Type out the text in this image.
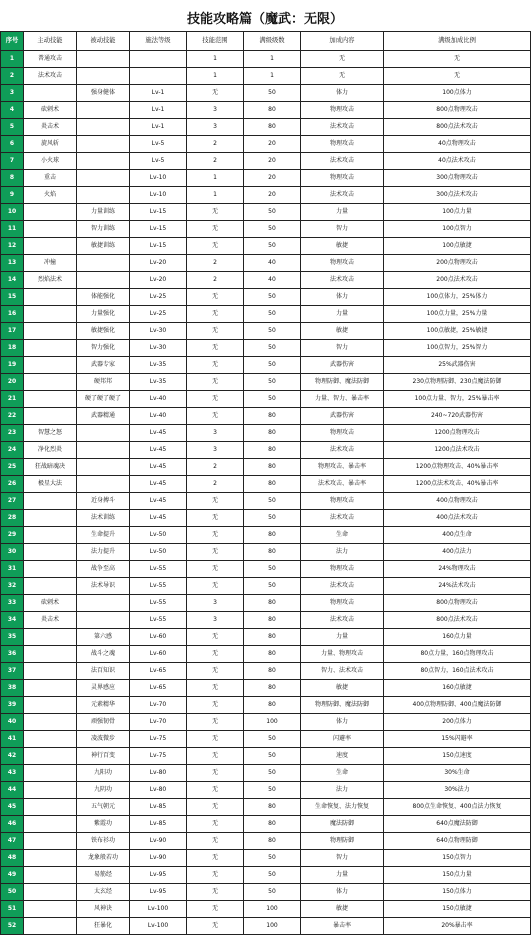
技能攻略篇（魔武：无限）
序号	主动技能	被动技能	施法等级	技能范围	满级级数	加成内容	满级加成比例
1	普通攻击			1	1	无	无
2	法术攻击			1	1	无	无
3		强身健体	Lv-1	无	50	体力	100点体力
4	砍刺术		Lv-1	3	80	物理攻击	800点物理攻击
5	炎击术		Lv-1	3	80	法术攻击	800点法术攻击
6	旋风斩		Lv-5	2	20	物理攻击	40点物理攻击
7	小火球		Lv-5	2	20	法术攻击	40点法术攻击
8	重击		Lv-10	1	20	物理攻击	300点物理攻击
9	火焰		Lv-10	1	20	法术攻击	300点法术攻击
10		力量训练	Lv-15	无	50	力量	100点力量
11		智力训练	Lv-15	无	50	智力	100点智力
12		敏捷训练	Lv-15	无	50	敏捷	100点敏捷
13	冲撞		Lv-20	2	40	物理攻击	200点物理攻击
14	烈焰法术		Lv-20	2	40	法术攻击	200点法术攻击
15		体能强化	Lv-25	无	50	体力	100点体力，25%体力
16		力量强化	Lv-25	无	50	力量	100点力量，25%力量
17		敏捷强化	Lv-30	无	50	敏捷	100点敏捷，25%敏捷
18		智力强化	Lv-30	无	50	智力	100点智力，25%智力
19		武器专家	Lv-35	无	50	武器伤害	25%武器伤害
20		硬邦邦	Lv-35	无	50	物理防御、魔法防御	230点物理防御、230点魔法防御
21		硬了硬了硬了	Lv-40	无	50	力量、智力、暴击率	100点力量、智力，25%暴击率
22		武器精通	Lv-40	无	80	武器伤害	240~720武器伤害
23	智慧之怒		Lv-45	3	80	物理攻击	1200点物理攻击
24	净化烈炎		Lv-45	3	80	法术攻击	1200点法术攻击
25	狂战暗魂决		Lv-45	2	80	物理攻击、暴击率	1200点物理攻击、40%暴击率
26	极星大法		Lv-45	2	80	法术攻击、暴击率	1200点法术攻击、40%暴击率
27		近身搏斗	Lv-45	无	50	物理攻击	400点物理攻击
28		法术训练	Lv-45	无	50	法术攻击	400点法术攻击
29		生命提升	Lv-50	无	80	生命	400点生命
30		法力提升	Lv-50	无	80	法力	400点法力
31		战争至高	Lv-55	无	50	物理攻击	24%物理攻击
32		法术导识	Lv-55	无	50	法术攻击	24%法术攻击
33	砍刺术		Lv-55	3	80	物理攻击	800点物理攻击
34	炎击术		Lv-55	3	80	法术攻击	800点法术攻击
35		第六感	Lv-60	无	80	力量	160点力量
36		战斗之魂	Lv-60	无	80	力量、物理攻击	80点力量，160点物理攻击
37		法百知识	Lv-65	无	80	智力、法术攻击	80点智力，160点法术攻击
38		灵界感应	Lv-65	无	80	敏捷	160点敏捷
39		元素精华	Lv-70	无	80	物理防御、魔法防御	400点物理防御、400点魔法防御
40		顽强韧骨	Lv-70	无	100	体力	200点体力
41		凌波微步	Lv-75	无	50	闪避率	15%闪避率
42		神行百变	Lv-75	无	50	速度	150点速度
43		九阳功	Lv-80	无	50	生命	30%生命
44		九阴功	Lv-80	无	50	法力	30%法力
45		五气朝元	Lv-85	无	80	生命恢复、法力恢复	800点生命恢复、400点法力恢复
46		紫霞功	Lv-85	无	80	魔法防御	640点魔法防御
47		铁布衫功	Lv-90	无	80	物理防御	640点物理防御
48		龙象般若功	Lv-90	无	50	智力	150点智力
49		易筋经	Lv-95	无	50	力量	150点力量
50		太玄经	Lv-95	无	50	体力	150点体力
51		风神诀	Lv-100	无	100	敏捷	150点敏捷
52		狂暴化	Lv-100	无	100	暴击率	20%暴击率
